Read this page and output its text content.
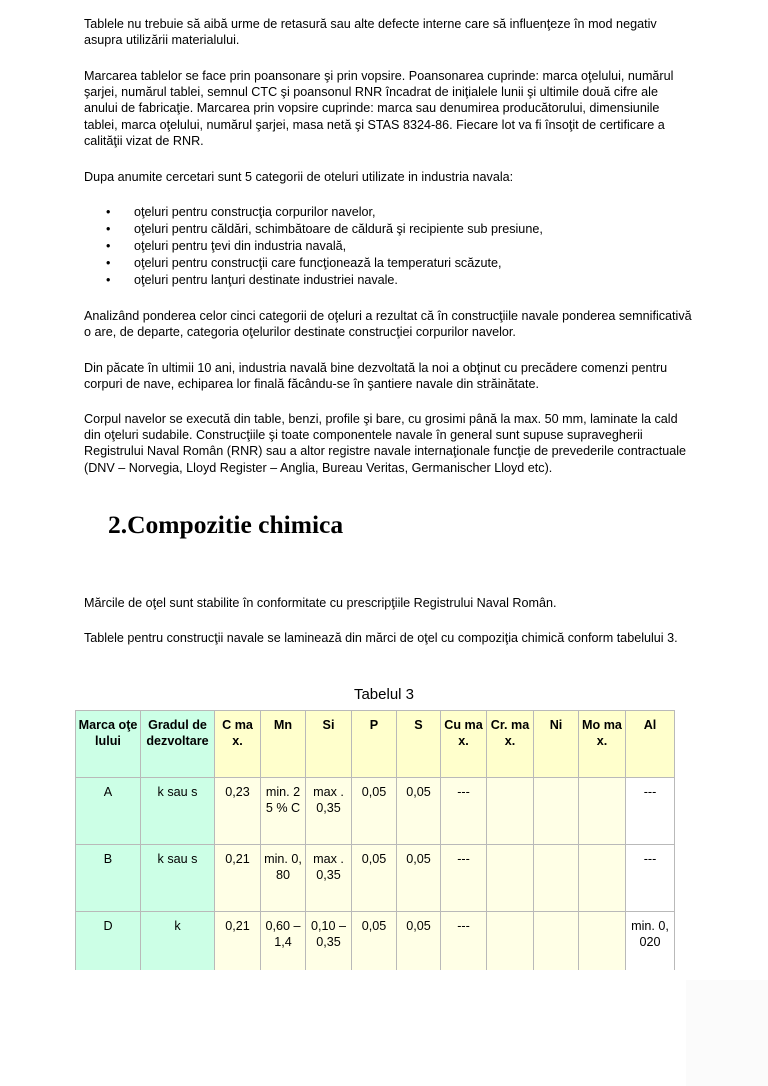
Tablele nu trebuie să aibă urme de retasură sau alte defecte interne care să influenţeze în mod negativ asupra utilizării materialului.

Marcarea tablelor se face prin poansonare şi prin vopsire. Poansonarea cuprinde: marca oţelului, numărul şarjei, numărul tablei, semnul CTC şi poansonul RNR încadrat de iniţialele lunii şi ultimile două cifre ale anului de fabricaţie. Marcarea prin vopsire cuprinde: marca sau denumirea producătorului, dimensiunile tablei, marca oţelului, numărul şarjei, masa netă şi STAS 8324-86. Fiecare lot va fi însoţit de certificare a calităţii vizat de RNR.

Dupa anumite cercetari sunt 5 categorii de oteluri utilizate in industria navala:

• oţeluri pentru construcţia corpurilor navelor,
• oţeluri pentru căldări, schimbătoare de căldură şi recipiente sub presiune,
• oţeluri pentru ţevi din industria navală,
• oţeluri pentru construcţii care funcţionează la temperaturi scăzute,
• oţeluri pentru lanţuri destinate industriei navale.

Analizând ponderea celor cinci categorii de oţeluri a rezultat că în construcţiile navale ponderea semnificativă o are, de departe, categoria oţelurilor destinate construcţiei corpurilor navelor.

Din păcate în ultimii 10 ani, industria navală bine dezvoltată la noi a obţinut cu precădere comenzi pentru corpuri de nave, echiparea lor finală făcându-se în şantiere navale din străinătate.

Corpul navelor se execută din table, benzi, profile şi bare, cu grosimi până la max. 50 mm, laminate la cald din oţeluri sudabile. Construcţiile şi toate componentele navale în general sunt supuse supravegherii Registrului Naval Român (RNR) sau a altor registre navale internaţionale funcţie de prevederile contractuale (DNV – Norvegia, Lloyd Register – Anglia, Bureau Veritas, Germanischer Lloyd etc).

2.Compozitie chimica

Mărcile de oţel sunt stabilite în conformitate cu prescripţiile Registrului Naval Român.

Tablele pentru construcţii navale se laminează din mărci de oţel cu compoziţia chimică conform tabelului 3.

Tabelul 3

Marca oţelului	Gradul de dezvoltare	C max.	Mn	Si	P	S	Cu max.	Cr. max.	Ni	Mo max.	Al
A	k sau s	0,23	min. 25 % C	max . 0,35	0,05	0,05	---				---
B	k sau s	0,21	min. 0,80	max . 0,35	0,05	0,05	---				---
D	k	0,21	0,60 – 1,4	0,10 – 0,35	0,05	0,05	---				min. 0,020
